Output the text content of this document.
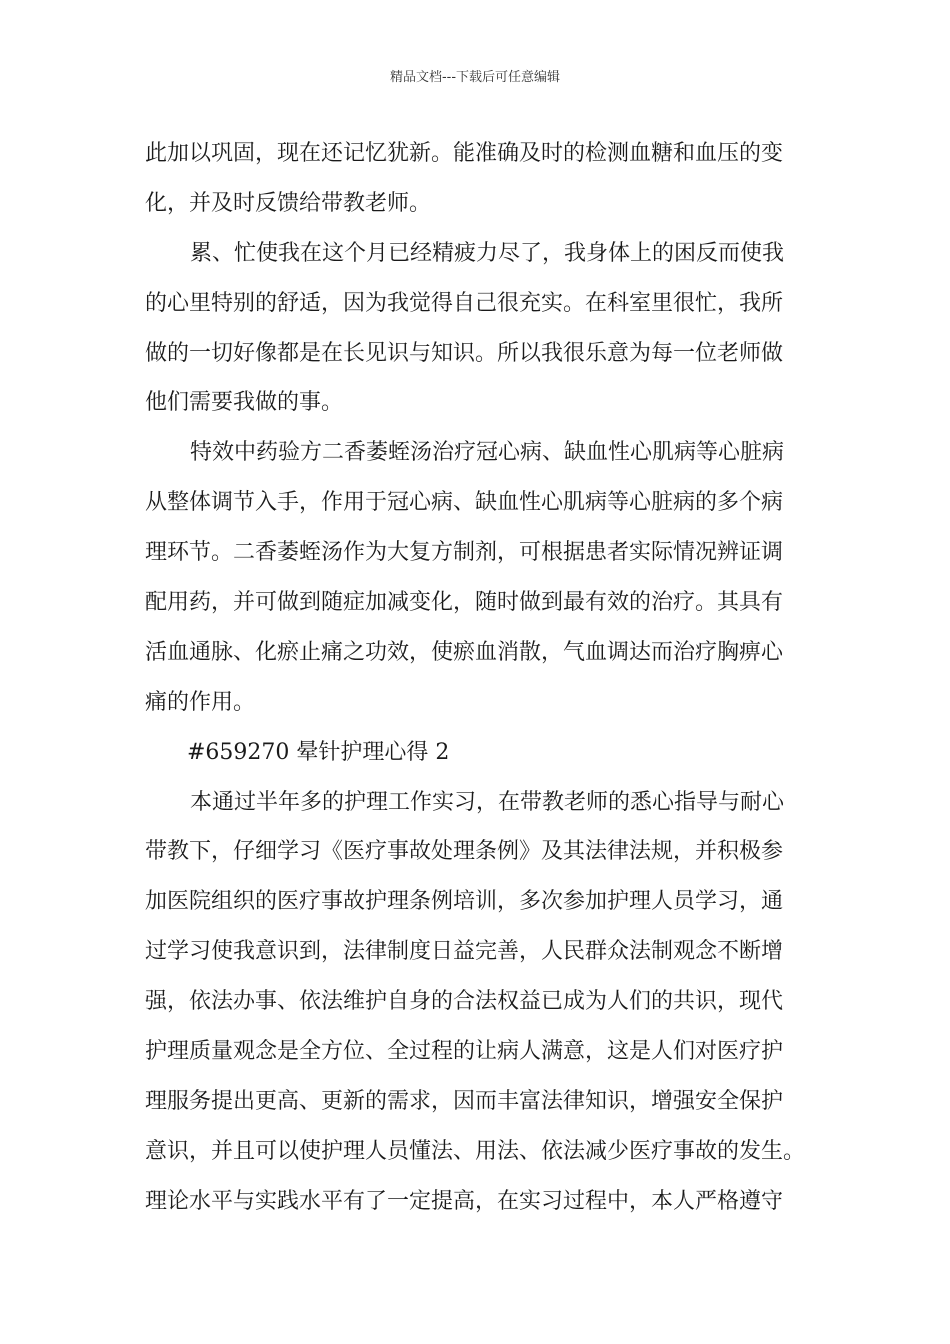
精品文档---下载后可任意编辑
此加以巩固，现在还记忆犹新。能准确及时的检测血糖和血压的变
化，并及时反馈给带教老师。
累、忙使我在这个月已经精疲力尽了，我身体上的困反而使我
的心里特别的舒适，因为我觉得自己很充实。在科室里很忙，我所
做的一切好像都是在长见识与知识。所以我很乐意为每一位老师做
他们需要我做的事。
特效中药验方二香萎蛭汤治疗冠心病、缺血性心肌病等心脏病
从整体调节入手，作用于冠心病、缺血性心肌病等心脏病的多个病
理环节。二香萎蛭汤作为大复方制剂，可根据患者实际情况辨证调
配用药，并可做到随症加减变化，随时做到最有效的治疗。其具有
活血通脉、化瘀止痛之功效，使瘀血消散，气血调达而治疗胸痹心
痛的作用。
#659270 晕针护理心得 2
本通过半年多的护理工作实习，在带教老师的悉心指导与耐心
带教下，仔细学习《医疗事故处理条例》及其法律法规，并积极参
加医院组织的医疗事故护理条例培训，多次参加护理人员学习，通
过学习使我意识到，法律制度日益完善，人民群众法制观念不断增
强，依法办事、依法维护自身的合法权益已成为人们的共识，现代
护理质量观念是全方位、全过程的让病人满意，这是人们对医疗护
理服务提出更高、更新的需求，因而丰富法律知识，增强安全保护
意识，并且可以使护理人员懂法、用法、依法减少医疗事故的发生。
理论水平与实践水平有了一定提高，在实习过程中，本人严格遵守
